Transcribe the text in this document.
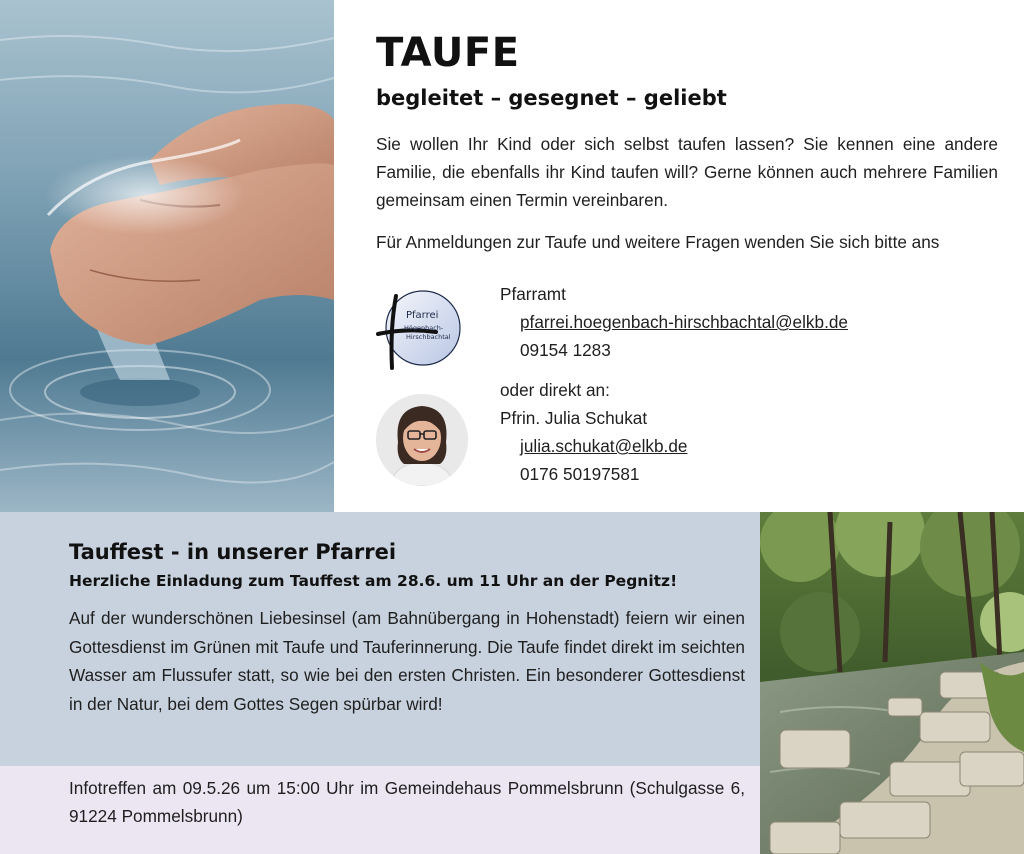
TAUFE
begleitet – gesegnet – geliebt

Sie wollen Ihr Kind oder sich selbst taufen lassen? Sie kennen eine andere Familie, die ebenfalls ihr Kind taufen will? Gerne können auch mehrere Familien gemeinsam einen Termin vereinbaren.

Für Anmeldungen zur Taufe und weitere Fragen wenden Sie sich bitte ans

Pfarrei
Högenbach-
Hirschbachtal
Pfarramt
pfarrei.hoegenbach-hirschbachtal@elkb.de
09154 1283
oder direkt an:
Pfrin. Julia Schukat
julia.schukat@elkb.de
0176 50197581
Tauffest - in unserer Pfarrei
Herzliche Einladung zum Tauffest am 28.6. um 11 Uhr an der Pegnitz!

Auf der wunderschönen Liebesinsel (am Bahnübergang in Hohenstadt) feiern wir einen Gottesdienst im Grünen mit Taufe und Tauferinnerung. Die Taufe findet direkt im seichten Wasser am Flussufer statt, so wie bei den ersten Christen. Ein besonderer Gottesdienst in der Natur, bei dem Gottes Segen spürbar wird!

Infotreffen am 09.5.26 um 15:00 Uhr im Gemeindehaus Pommelsbrunn (Schulgasse 6, 91224 Pommelsbrunn)
